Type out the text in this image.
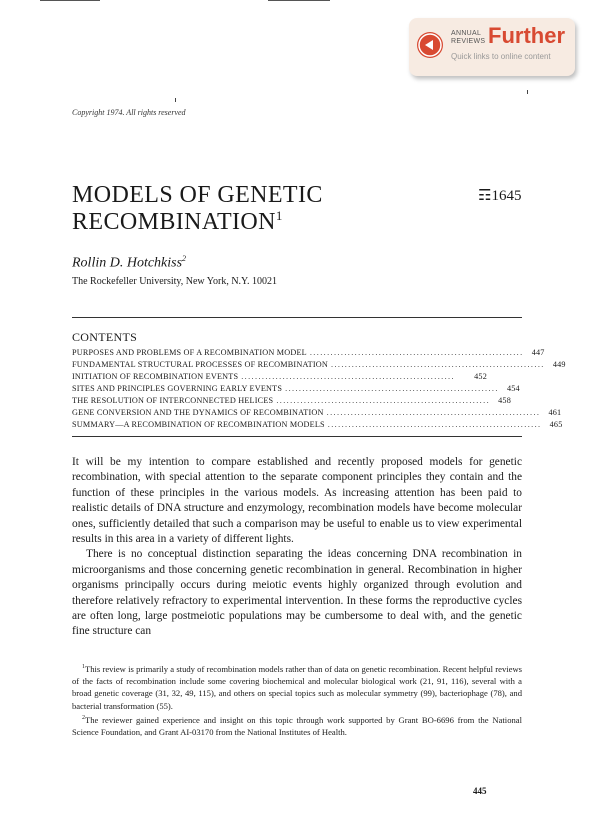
ANNUAL
REVIEWS Further
Quick links to online content
Copyright 1974. All rights reserved
MODELS OF GENETIC
RECOMBINATION$^1$
☶1645
Rollin D. Hotchkiss$^2$
The Rockefeller University, New York, N.Y. 10021
CONTENTS
PURPOSES AND PROBLEMS OF A RECOMBINATION MODEL .............................................................. 447
FUNDAMENTAL STRUCTURAL PROCESSES OF RECOMBINATION .............................................................. 449
INITIATION OF RECOMBINATION EVENTS ..............................................................	452
SITES AND PRINCIPLES GOVERNING EARLY EVENTS .............................................................. 454
THE RESOLUTION OF INTERCONNECTED HELICES .............................................................. 458
GENE CONVERSION AND THE DYNAMICS OF RECOMBINATION .............................................................. 461
SUMMARY—A RECOMBINATION OF RECOMBINATION MODELS .............................................................. 465

It will be my intention to compare established and recently proposed models for genetic recombination, with special attention to the separate component principles they contain and the function of these principles in the various models. As increasing attention has been paid to realistic details of DNA structure and enzymology, recombination models have become molecular ones, sufficiently detailed that such a comparison may be useful to enable us to view experimental results in this area in a variety of different lights.

There is no conceptual distinction separating the ideas concerning DNA recombination in microorganisms and those concerning genetic recombination in general. Recombination in higher organisms principally occurs during meiotic events highly organized through evolution and therefore relatively refractory to experimental intervention. In these forms the reproductive cycles are often long, large postmeiotic populations may be cumbersome to deal with, and the genetic fine structure can

$^1$This review is primarily a study of recombination models rather than of data on genetic recombination. Recent helpful reviews of the facts of recombination include some covering biochemical and molecular biological work (21, 91, 116), several with a broad genetic coverage (31, 32, 49, 115), and others on special topics such as molecular symmetry (99), bacteriophage (78), and bacterial transformation (55).

$^2$The reviewer gained experience and insight on this topic through work supported by Grant BO-6696 from the National Science Foundation, and Grant AI-03170 from the National Institutes of Health.

445
